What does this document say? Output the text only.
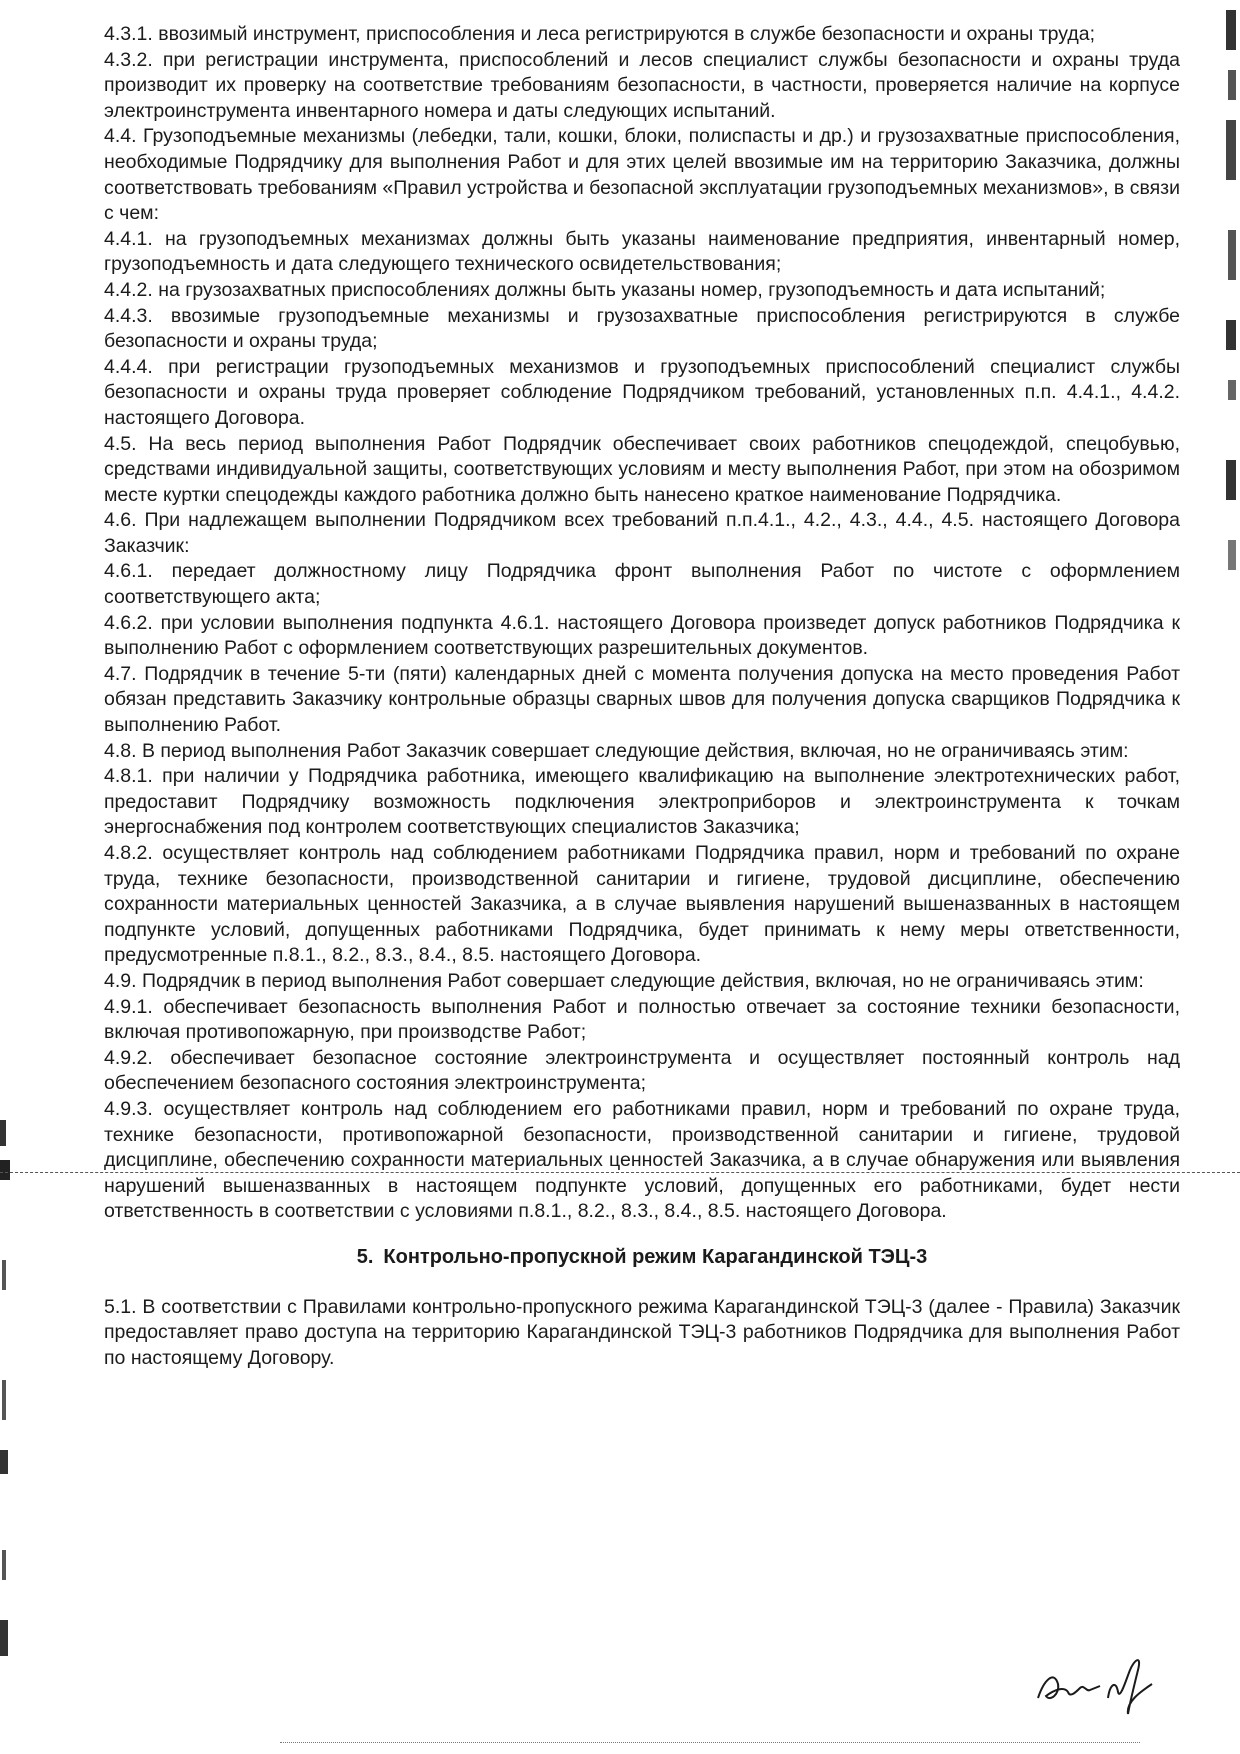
4.3.1. ввозимый инструмент, приспособления и леса регистрируются в службе безопасности и охраны труда;

4.3.2. при регистрации инструмента, приспособлений и лесов специалист службы безопасности и охраны труда производит их проверку на соответствие требованиям безопасности, в частности, проверяется наличие на корпусе электроинструмента инвентарного номера и даты следующих испытаний.

4.4. Грузоподъемные механизмы (лебедки, тали, кошки, блоки, полиспасты и др.) и грузозахватные приспособления, необходимые Подрядчику для выполнения Работ и для этих целей ввозимые им на территорию Заказчика, должны соответствовать требованиям «Правил устройства и безопасной эксплуатации грузоподъемных механизмов», в связи с чем:

4.4.1. на грузоподъемных механизмах должны быть указаны наименование предприятия, инвентарный номер, грузоподъемность и дата следующего технического освидетельствования;

4.4.2. на грузозахватных приспособлениях должны быть указаны номер, грузоподъемность и дата испытаний;

4.4.3. ввозимые грузоподъемные механизмы и грузозахватные приспособления регистрируются в службе безопасности и охраны труда;

4.4.4. при регистрации грузоподъемных механизмов и грузоподъемных приспособлений специалист службы безопасности и охраны труда проверяет соблюдение Подрядчиком требований, установленных п.п. 4.4.1., 4.4.2. настоящего Договора.

4.5. На весь период выполнения Работ Подрядчик обеспечивает своих работников спецодеждой, спецобувью, средствами индивидуальной защиты, соответствующих условиям и месту выполнения Работ, при этом на обозримом месте куртки спецодежды каждого работника должно быть нанесено краткое наименование Подрядчика.

4.6. При надлежащем выполнении Подрядчиком всех требований п.п.4.1., 4.2., 4.3., 4.4., 4.5. настоящего Договора Заказчик:

4.6.1. передает должностному лицу Подрядчика фронт выполнения Работ по чистоте с оформлением соответствующего акта;

4.6.2. при условии выполнения подпункта 4.6.1. настоящего Договора произведет допуск работников Подрядчика к выполнению Работ с оформлением соответствующих разрешительных документов.

4.7. Подрядчик в течение 5-ти (пяти) календарных дней с момента получения допуска на место проведения Работ обязан представить Заказчику контрольные образцы сварных швов для получения допуска сварщиков Подрядчика к выполнению Работ.

4.8. В период выполнения Работ Заказчик совершает следующие действия, включая, но не ограничиваясь этим:

4.8.1. при наличии у Подрядчика работника, имеющего квалификацию на выполнение электротехнических работ, предоставит Подрядчику возможность подключения электроприборов и электроинструмента к точкам энергоснабжения под контролем соответствующих специалистов Заказчика;

4.8.2. осуществляет контроль над соблюдением работниками Подрядчика правил, норм и требований по охране труда, технике безопасности, производственной санитарии и гигиене, трудовой дисциплине, обеспечению сохранности материальных ценностей Заказчика, а в случае выявления нарушений вышеназванных в настоящем подпункте условий, допущенных работниками Подрядчика, будет принимать к нему меры ответственности, предусмотренные п.8.1., 8.2., 8.3., 8.4., 8.5. настоящего Договора.

4.9. Подрядчик в период выполнения Работ совершает следующие действия, включая, но не ограничиваясь этим:

4.9.1. обеспечивает безопасность выполнения Работ и полностью отвечает за состояние техники безопасности, включая противопожарную, при производстве Работ;

4.9.2. обеспечивает безопасное состояние электроинструмента и осуществляет постоянный контроль над обеспечением безопасного состояния электроинструмента;

4.9.3. осуществляет контроль над соблюдением его работниками правил, норм и требований по охране труда, технике безопасности, противопожарной безопасности, производственной санитарии и гигиене, трудовой дисциплине, обеспечению сохранности материальных ценностей Заказчика, а в случае обнаружения или выявления нарушений вышеназванных в настоящем подпункте условий, допущенных его работниками, будет нести ответственность в соответствии с условиями п.8.1., 8.2., 8.3., 8.4., 8.5. настоящего Договора.

5. Контрольно-пропускной режим Карагандинской ТЭЦ-3

5.1. В соответствии с Правилами контрольно-пропускного режима Карагандинской ТЭЦ-3 (далее - Правила) Заказчик предоставляет право доступа на территорию Карагандинской ТЭЦ-3 работников Подрядчика для выполнения Работ по настоящему Договору.
